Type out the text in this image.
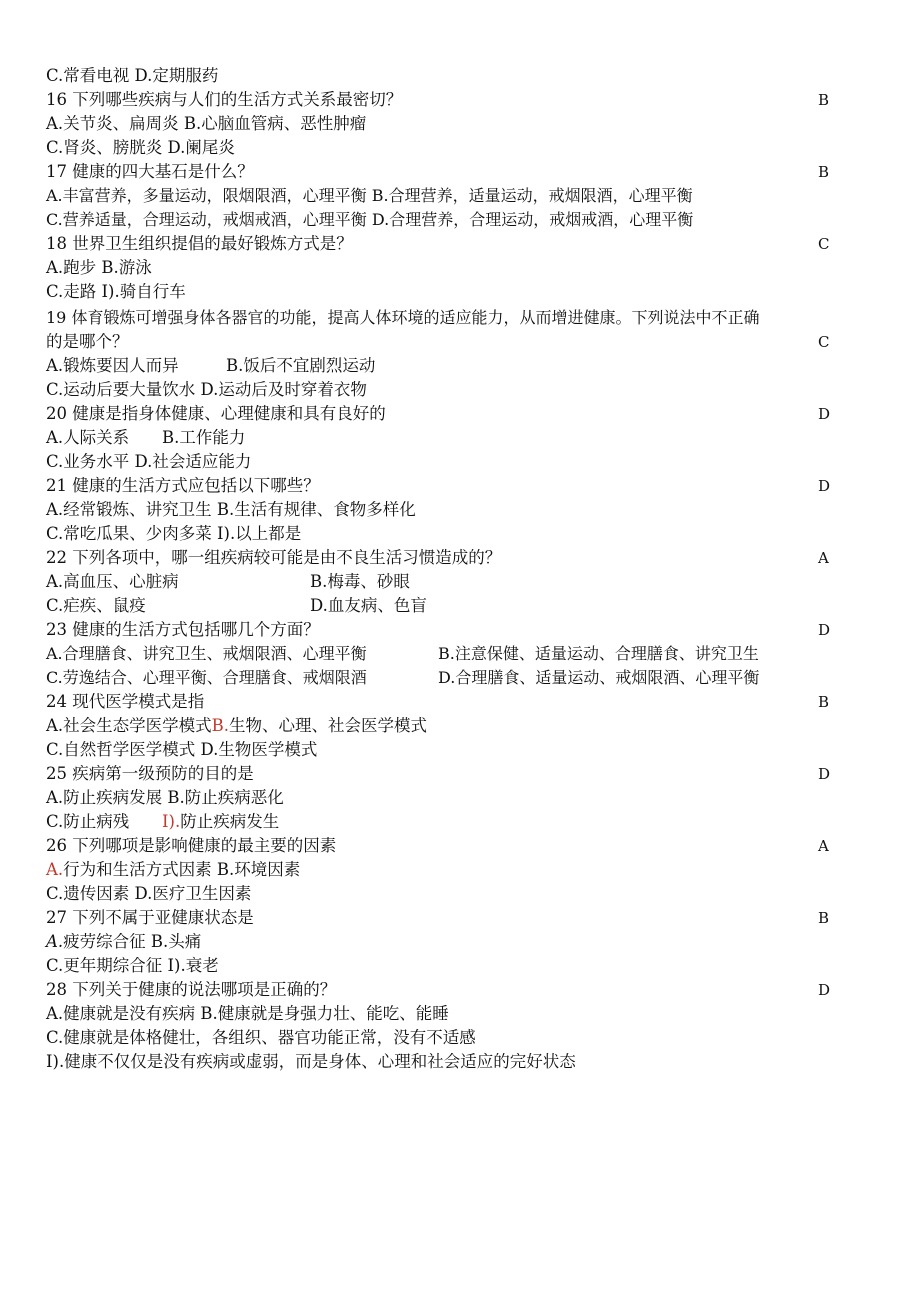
C.常看电视 D.定期服药
16 下列哪些疾病与人们的生活方式关系最密切？	B
A.关节炎、扁周炎 B.心脑血管病、恶性肿瘤
C.肾炎、膀胱炎 D.阑尾炎
17 健康的四大基石是什么？	B
A.丰富营养，多量运动，限烟限酒，心理平衡 B.合理营养，适量运动，戒烟限酒，心理平衡
C.营养适量，合理运动，戒烟戒酒，心理平衡 D.合理营养，合理运动，戒烟戒酒，心理平衡
18 世界卫生组织提倡的最好锻炼方式是？	C
A.跑步 B.游泳
C.走路 I).骑自行车
19 体育锻炼可增强身体各器官的功能，提高人体环境的适应能力，从而增进健康。下列说法中不正确
的是哪个？	C
A.锻炼要因人而异	B.饭后不宜剧烈运动
C.运动后要大量饮水 D.运动后及时穿着衣物
20 健康是指身体健康、心理健康和具有良好的	D
A.人际关系 B.工作能力
C.业务水平 D.社会适应能力
21 健康的生活方式应包括以下哪些？	D
A.经常锻炼、讲究卫生 B.生活有规律、食物多样化
C.常吃瓜果、少肉多菜 I).以上都是
22 下列各项中，哪一组疾病较可能是由不良生活习惯造成的？	A
A.高血压、心脏病	B.梅毒、砂眼
C.疟疾、鼠疫	D.血友病、色盲
23 健康的生活方式包括哪几个方面？	D
A.合理膳食、讲究卫生、戒烟限酒、心理平衡	B.注意保健、适量运动、合理膳食、讲究卫生
C.劳逸结合、心理平衡、合理膳食、戒烟限酒	D.合理膳食、适量运动、戒烟限酒、心理平衡
24 现代医学模式是指	B
A.社会生态学医学模式B.生物、心理、社会医学模式
C.自然哲学医学模式 D.生物医学模式
25 疾病第一级预防的目的是	D
A.防止疾病发展 B.防止疾病恶化
C.防止病残 I).防止疾病发生
26 下列哪项是影响健康的最主要的因素	A
A.行为和生活方式因素 B.环境因素
C.遗传因素 D.医疗卫生因素
27 下列不属于亚健康状态是	B
A.疲劳综合征 B.头痛
C.更年期综合征 I).衰老
28 下列关于健康的说法哪项是正确的？	D
A.健康就是没有疾病 B.健康就是身强力壮、能吃、能睡
C.健康就是体格健壮，各组织、器官功能正常，没有不适感
I).健康不仅仅是没有疾病或虚弱，而是身体、心理和社会适应的完好状态
